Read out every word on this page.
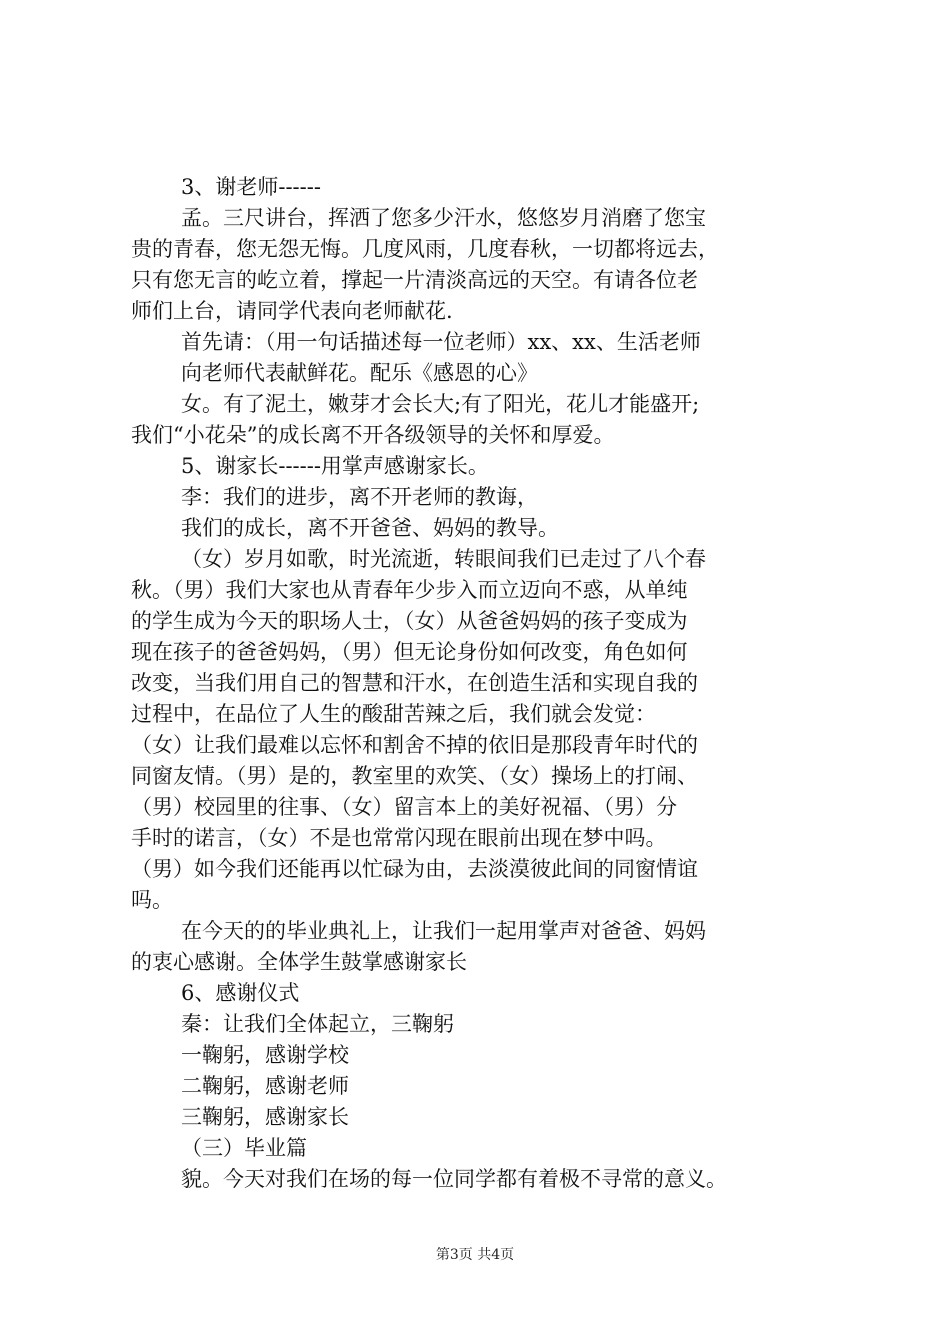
3、谢老师------
孟。三尺讲台，挥洒了您多少汗水，悠悠岁月消磨了您宝
贵的青春，您无怨无悔。几度风雨，几度春秋，一切都将远去，
只有您无言的屹立着，撑起一片清淡高远的天空。有请各位老
师们上台，请同学代表向老师献花.
首先请：（用一句话描述每一位老师）xx、xx、生活老师
向老师代表献鲜花。配乐《感恩的心》
女。有了泥土，嫩芽才会长大;有了阳光，花儿才能盛开;
我们“小花朵”的成长离不开各级领导的关怀和厚爱。
5、谢家长------用掌声感谢家长。
李：我们的进步，离不开老师的教诲，
我们的成长，离不开爸爸、妈妈的教导。
（女）岁月如歌，时光流逝，转眼间我们已走过了八个春
秋。（男）我们大家也从青春年少步入而立迈向不惑，从单纯
的学生成为今天的职场人士，（女）从爸爸妈妈的孩子变成为
现在孩子的爸爸妈妈，（男）但无论身份如何改变，角色如何
改变，当我们用自己的智慧和汗水，在创造生活和实现自我的
过程中，在品位了人生的酸甜苦辣之后，我们就会发觉：
（女）让我们最难以忘怀和割舍不掉的依旧是那段青年时代的
同窗友情。（男）是的，教室里的欢笑、（女）操场上的打闹、
（男）校园里的往事、（女）留言本上的美好祝福、（男）分
手时的诺言，（女）不是也常常闪现在眼前出现在梦中吗。
（男）如今我们还能再以忙碌为由，去淡漠彼此间的同窗情谊
吗。
在今天的的毕业典礼上，让我们一起用掌声对爸爸、妈妈
的衷心感谢。全体学生鼓掌感谢家长
6、感谢仪式
秦：让我们全体起立，三鞠躬
一鞠躬，感谢学校
二鞠躬，感谢老师
三鞠躬，感谢家长
（三）毕业篇
貌。今天对我们在场的每一位同学都有着极不寻常的意义。
第3页 共4页
